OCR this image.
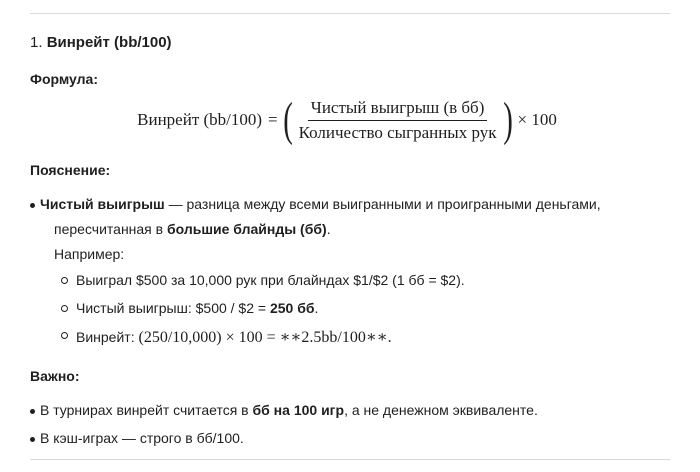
1. Винрейт (bb/100)
Формула:
Винрейт (bb/100) = ( $\frac{\text{Чистый выигрыш (в бб)}}{\text{Количество сыгранных рук}}$ ) × 100
Пояснение:
Чистый выигрыш — разница между всеми выигранными и проигранными деньгами,
пересчитанная в большие блайнды (бб).
Например:
Выиграл $500 за 10,000 рук при блайндах $1/$2 (1 бб = $2).
Чистый выигрыш: $500 / $2 = 250 бб.
Винрейт: (250/10,000) × 100 = ∗∗2.5bb/100∗∗.
Важно:
В турнирах винрейт считается в бб на 100 игр, а не денежном эквиваленте.
В кэш-играх — строго в бб/100.
